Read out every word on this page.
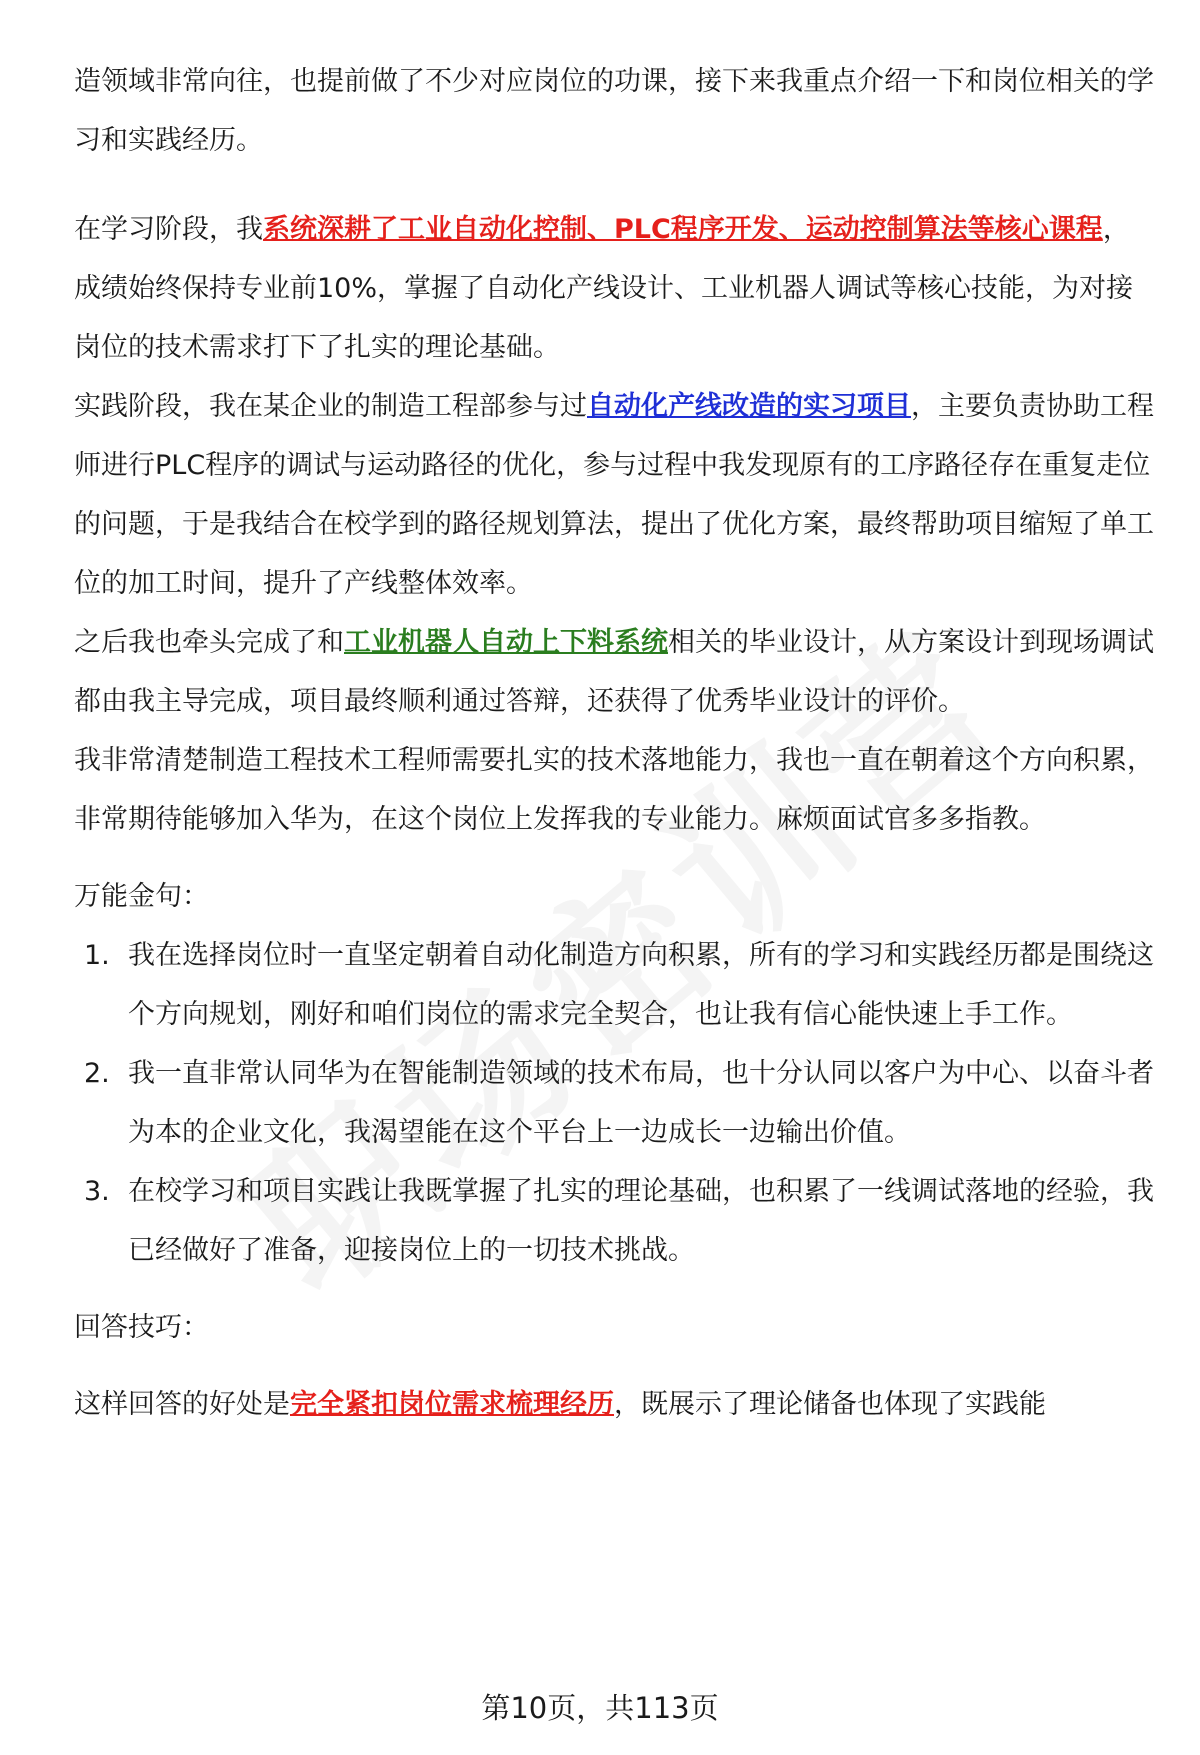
造领域非常向往，也提前做了不少对应岗位的功课，接下来我重点介绍一下和岗位相关的学习和实践经历。

在学习阶段，我系统深耕了工业自动化控制、PLC程序开发、运动控制算法等核心课程，成绩始终保持专业前10%，掌握了自动化产线设计、工业机器人调试等核心技能，为对接岗位的技术需求打下了扎实的理论基础。

实践阶段，我在某企业的制造工程部参与过自动化产线改造的实习项目，主要负责协助工程师进行PLC程序的调试与运动路径的优化，参与过程中我发现原有的工序路径存在重复走位的问题，于是我结合在校学到的路径规划算法，提出了优化方案，最终帮助项目缩短了单工位的加工时间，提升了产线整体效率。

之后我也牵头完成了和工业机器人自动上下料系统相关的毕业设计，从方案设计到现场调试都由我主导完成，项目最终顺利通过答辩，还获得了优秀毕业设计的评价。

我非常清楚制造工程技术工程师需要扎实的技术落地能力，我也一直在朝着这个方向积累，非常期待能够加入华为，在这个岗位上发挥我的专业能力。麻烦面试官多多指教。

万能金句：

1. 我在选择岗位时一直坚定朝着自动化制造方向积累，所有的学习和实践经历都是围绕这个方向规划，刚好和咱们岗位的需求完全契合，也让我有信心能快速上手工作。
2. 我一直非常认同华为在智能制造领域的技术布局，也十分认同以客户为中心、以奋斗者为本的企业文化，我渴望能在这个平台上一边成长一边输出价值。
3. 在校学习和项目实践让我既掌握了扎实的理论基础，也积累了一线调试落地的经验，我已经做好了准备，迎接岗位上的一切技术挑战。

回答技巧：

这样回答的好处是完全紧扣岗位需求梳理经历，既展示了理论储备也体现了实践能

第10页，共113页
